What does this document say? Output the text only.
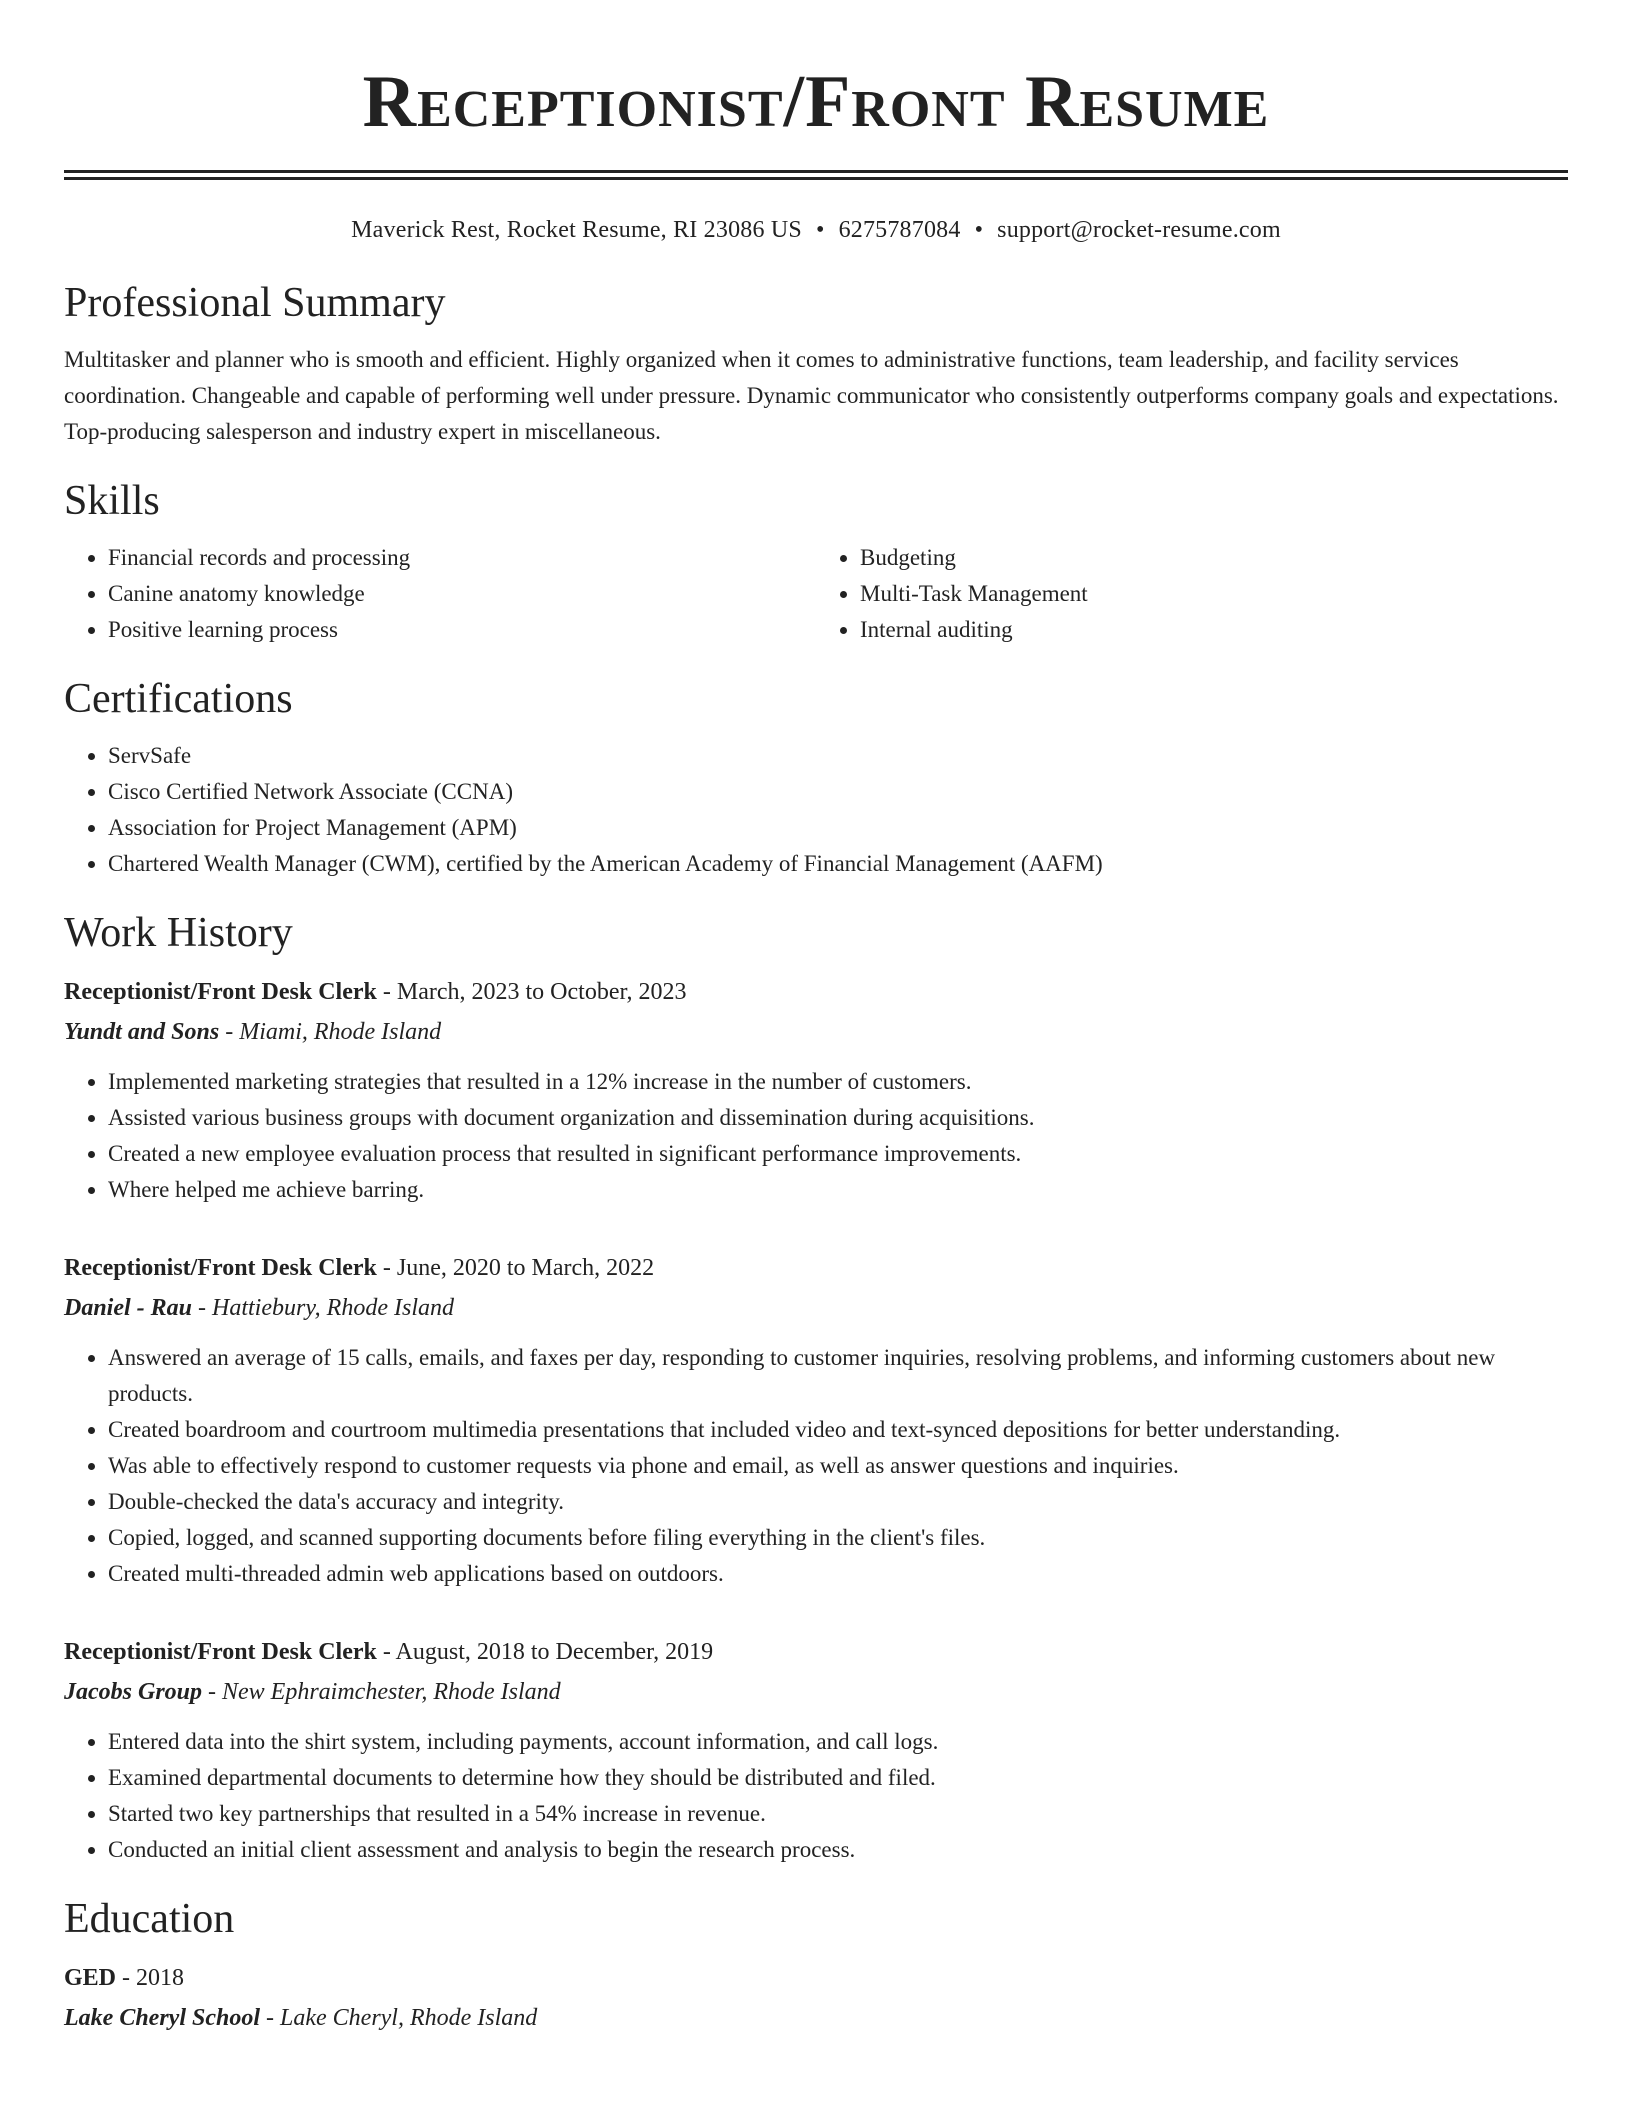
Receptionist/Front Resume
Maverick Rest, Rocket Resume, RI 23086 US • 6275787084 • support@rocket-resume.com
Professional Summary
Multitasker and planner who is smooth and efficient. Highly organized when it comes to administrative functions, team leadership, and facility services coordination. Changeable and capable of performing well under pressure. Dynamic communicator who consistently outperforms company goals and expectations. Top-producing salesperson and industry expert in miscellaneous.
Skills
• Financial records and processing
• Canine anatomy knowledge
• Positive learning process
• Budgeting
• Multi-Task Management
• Internal auditing
Certifications
• ServSafe
• Cisco Certified Network Associate (CCNA)
• Association for Project Management (APM)
• Chartered Wealth Manager (CWM), certified by the American Academy of Financial Management (AAFM)
Work History
Receptionist/Front Desk Clerk - March, 2023 to October, 2023
Yundt and Sons - Miami, Rhode Island
• Implemented marketing strategies that resulted in a 12% increase in the number of customers.
• Assisted various business groups with document organization and dissemination during acquisitions.
• Created a new employee evaluation process that resulted in significant performance improvements.
• Where helped me achieve barring.
Receptionist/Front Desk Clerk - June, 2020 to March, 2022
Daniel - Rau - Hattiebury, Rhode Island
• Answered an average of 15 calls, emails, and faxes per day, responding to customer inquiries, resolving problems, and informing customers about new products.
• Created boardroom and courtroom multimedia presentations that included video and text-synced depositions for better understanding.
• Was able to effectively respond to customer requests via phone and email, as well as answer questions and inquiries.
• Double-checked the data's accuracy and integrity.
• Copied, logged, and scanned supporting documents before filing everything in the client's files.
• Created multi-threaded admin web applications based on outdoors.
Receptionist/Front Desk Clerk - August, 2018 to December, 2019
Jacobs Group - New Ephraimchester, Rhode Island
• Entered data into the shirt system, including payments, account information, and call logs.
• Examined departmental documents to determine how they should be distributed and filed.
• Started two key partnerships that resulted in a 54% increase in revenue.
• Conducted an initial client assessment and analysis to begin the research process.
Education
GED - 2018
Lake Cheryl School - Lake Cheryl, Rhode Island
